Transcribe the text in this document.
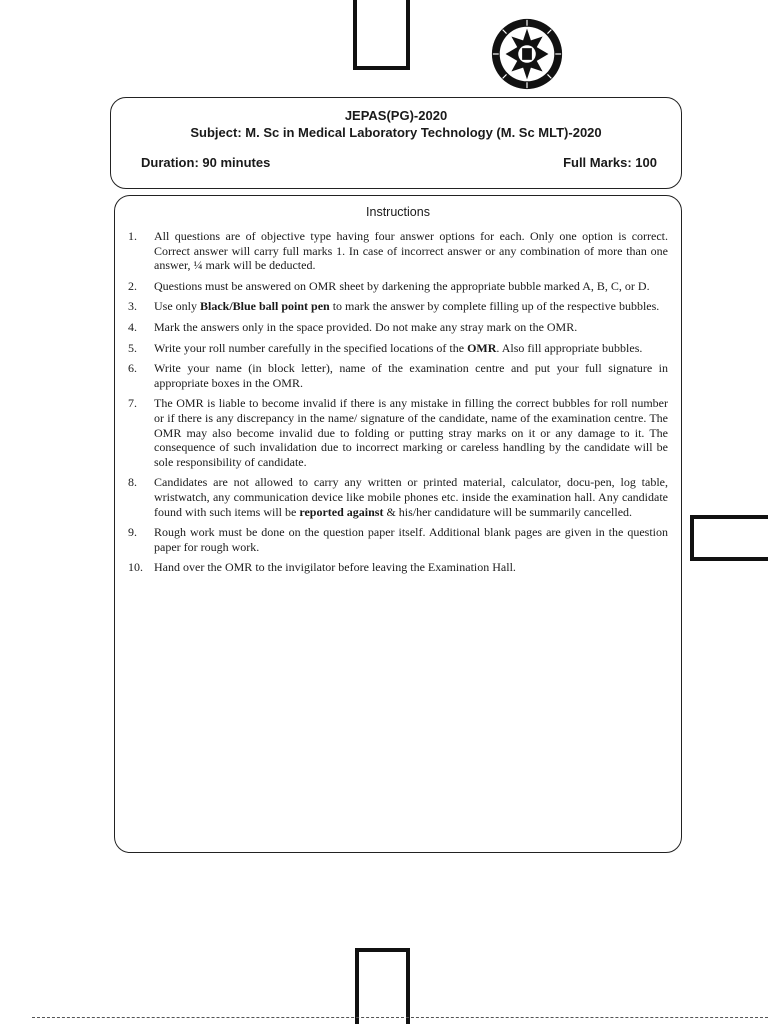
JEPAS(PG)-2020
Subject: M. Sc in Medical Laboratory Technology (M. Sc MLT)-2020
Duration: 90 minutes	Full Marks: 100
Instructions
1. All questions are of objective type having four answer options for each. Only one option is correct. Correct answer will carry full marks 1. In case of incorrect answer or any combination of more than one answer, ¼ mark will be deducted.
2. Questions must be answered on OMR sheet by darkening the appropriate bubble marked A, B, C, or D.
3. Use only Black/Blue ball point pen to mark the answer by complete filling up of the respective bubbles.
4. Mark the answers only in the space provided. Do not make any stray mark on the OMR.
5. Write your roll number carefully in the specified locations of the OMR. Also fill appropriate bubbles.
6. Write your name (in block letter), name of the examination centre and put your full signature in appropriate boxes in the OMR.
7. The OMR is liable to become invalid if there is any mistake in filling the correct bubbles for roll number or if there is any discrepancy in the name/ signature of the candidate, name of the examination centre. The OMR may also become invalid due to folding or putting stray marks on it or any damage to it. The consequence of such invalidation due to incorrect marking or careless handling by the candidate will be sole responsibility of candidate.
8. Candidates are not allowed to carry any written or printed material, calculator, docu-pen, log table, wristwatch, any communication device like mobile phones etc. inside the examination hall. Any candidate found with such items will be reported against & his/her candidature will be summarily cancelled.
9. Rough work must be done on the question paper itself. Additional blank pages are given in the question paper for rough work.
10. Hand over the OMR to the invigilator before leaving the Examination Hall.
